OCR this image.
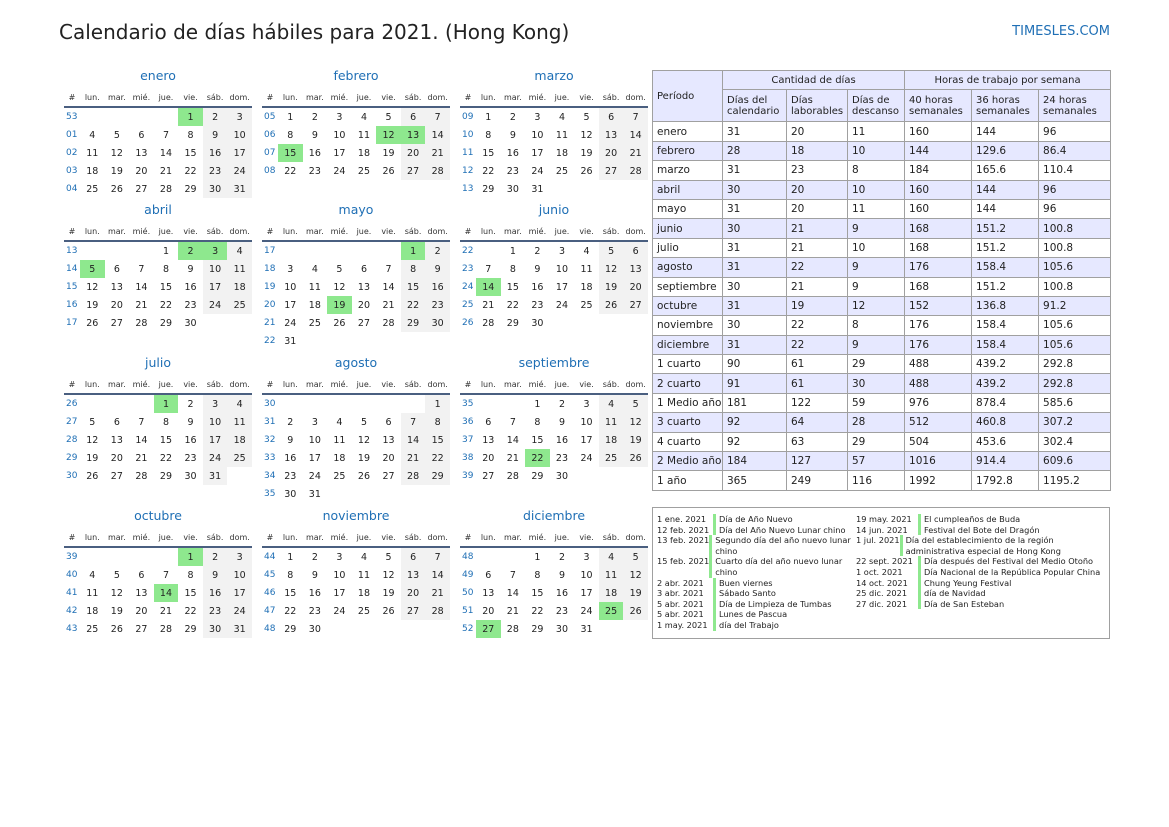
Calendario de días hábiles para 2021. (Hong Kong)	TIMESLES.COM
enero
#	lun.	mar.	mié.	jue.	vie.	sáb.	dom.
53					1	2	3
01	4	5	6	7	8	9	10
02	11	12	13	14	15	16	17
03	18	19	20	21	22	23	24
04	25	26	27	28	29	30	31
febrero
#	lun.	mar.	mié.	jue.	vie.	sáb.	dom.
05	1	2	3	4	5	6	7
06	8	9	10	11	12	13	14
07	15	16	17	18	19	20	21
08	22	23	24	25	26	27	28
marzo
#	lun.	mar.	mié.	jue.	vie.	sáb.	dom.
09	1	2	3	4	5	6	7
10	8	9	10	11	12	13	14
11	15	16	17	18	19	20	21
12	22	23	24	25	26	27	28
13	29	30	31				
abril
#	lun.	mar.	mié.	jue.	vie.	sáb.	dom.
13				1	2	3	4
14	5	6	7	8	9	10	11
15	12	13	14	15	16	17	18
16	19	20	21	22	23	24	25
17	26	27	28	29	30		
mayo
#	lun.	mar.	mié.	jue.	vie.	sáb.	dom.
17						1	2
18	3	4	5	6	7	8	9
19	10	11	12	13	14	15	16
20	17	18	19	20	21	22	23
21	24	25	26	27	28	29	30
22	31						
junio
#	lun.	mar.	mié.	jue.	vie.	sáb.	dom.
22		1	2	3	4	5	6
23	7	8	9	10	11	12	13
24	14	15	16	17	18	19	20
25	21	22	23	24	25	26	27
26	28	29	30				
julio
#	lun.	mar.	mié.	jue.	vie.	sáb.	dom.
26				1	2	3	4
27	5	6	7	8	9	10	11
28	12	13	14	15	16	17	18
29	19	20	21	22	23	24	25
30	26	27	28	29	30	31	
agosto
#	lun.	mar.	mié.	jue.	vie.	sáb.	dom.
30							1
31	2	3	4	5	6	7	8
32	9	10	11	12	13	14	15
33	16	17	18	19	20	21	22
34	23	24	25	26	27	28	29
35	30	31					
septiembre
#	lun.	mar.	mié.	jue.	vie.	sáb.	dom.
35			1	2	3	4	5
36	6	7	8	9	10	11	12
37	13	14	15	16	17	18	19
38	20	21	22	23	24	25	26
39	27	28	29	30			
octubre
#	lun.	mar.	mié.	jue.	vie.	sáb.	dom.
39					1	2	3
40	4	5	6	7	8	9	10
41	11	12	13	14	15	16	17
42	18	19	20	21	22	23	24
43	25	26	27	28	29	30	31
noviembre
#	lun.	mar.	mié.	jue.	vie.	sáb.	dom.
44	1	2	3	4	5	6	7
45	8	9	10	11	12	13	14
46	15	16	17	18	19	20	21
47	22	23	24	25	26	27	28
48	29	30					
diciembre
#	lun.	mar.	mié.	jue.	vie.	sáb.	dom.
48			1	2	3	4	5
49	6	7	8	9	10	11	12
50	13	14	15	16	17	18	19
51	20	21	22	23	24	25	26
52	27	28	29	30	31		
Período	Cantidad de días			Horas de trabajo por semana		
	Días del calendario	Días laborables	Días de descanso	40 horas semanales	36 horas semanales	24 horas semanales
enero	31	20	11	160	144	96
febrero	28	18	10	144	129.6	86.4
marzo	31	23	8	184	165.6	110.4
abril	30	20	10	160	144	96
mayo	31	20	11	160	144	96
junio	30	21	9	168	151.2	100.8
julio	31	21	10	168	151.2	100.8
agosto	31	22	9	176	158.4	105.6
septiembre	30	21	9	168	151.2	100.8
octubre	31	19	12	152	136.8	91.2
noviembre	30	22	8	176	158.4	105.6
diciembre	31	22	9	176	158.4	105.6
1 cuarto	90	61	29	488	439.2	292.8
2 cuarto	91	61	30	488	439.2	292.8
1 Medio año	181	122	59	976	878.4	585.6
3 cuarto	92	64	28	512	460.8	307.2
4 cuarto	92	63	29	504	453.6	302.4
2 Medio año	184	127	57	1016	914.4	609.6
1 año	365	249	116	1992	1792.8	1195.2
1 ene. 2021	Día de Año Nuevo
12 feb. 2021	Día del Año Nuevo Lunar chino
13 feb. 2021 Segundo día del año nuevo lunar chino
15 feb. 2021 Cuarto día del año nuevo lunar chino
2 abr. 2021	Buen viernes
3 abr. 2021	Sábado Santo
5 abr. 2021	Día de Limpieza de Tumbas
5 abr. 2021	Lunes de Pascua
1 may. 2021	día del Trabajo
19 may. 2021	El cumpleaños de Buda
14 jun. 2021	Festival del Bote del Dragón
1 jul. 2021 Día del establecimiento de la región administrativa especial de Hong Kong
22 sept. 2021	Día después del Festival del Medio Otoño
1 oct. 2021	Día Nacional de la República Popular China
14 oct. 2021	Chung Yeung Festival
25 dic. 2021	día de Navidad
27 dic. 2021	Día de San Esteban
